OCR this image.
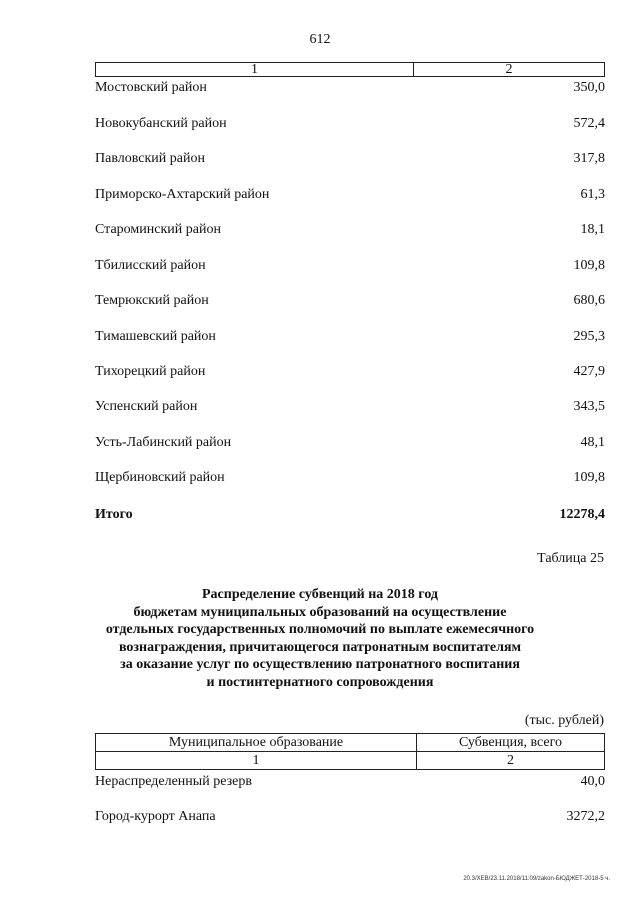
612
1	2
Мостовский район	350,0
Новокубанский район	572,4
Павловский район	317,8
Приморско-Ахтарский район	61,3
Староминский район	18,1
Тбилисский район	109,8
Темрюкский район	680,6
Тимашевский район	295,3
Тихорецкий район	427,9
Успенский район	343,5
Усть-Лабинский район	48,1
Щербиновский район	109,8
Итого	12278,4
Таблица 25
Распределение субвенций на 2018 год
бюджетам муниципальных образований на осуществление
отдельных государственных полномочий по выплате ежемесячного
вознаграждения, причитающегося патронатным воспитателям
за оказание услуг по осуществлению патронатного воспитания
и постинтернатного сопровождения
(тыс. рублей)
Муниципальное образование	Субвенция, всего
1	2
Нераспределенный резерв	40,0
Город-курорт Анапа	3272,2
20.3/ХЕВ/23.11.2018/11:09/zakon-БЮДЖЕТ-2018-5 ч.
